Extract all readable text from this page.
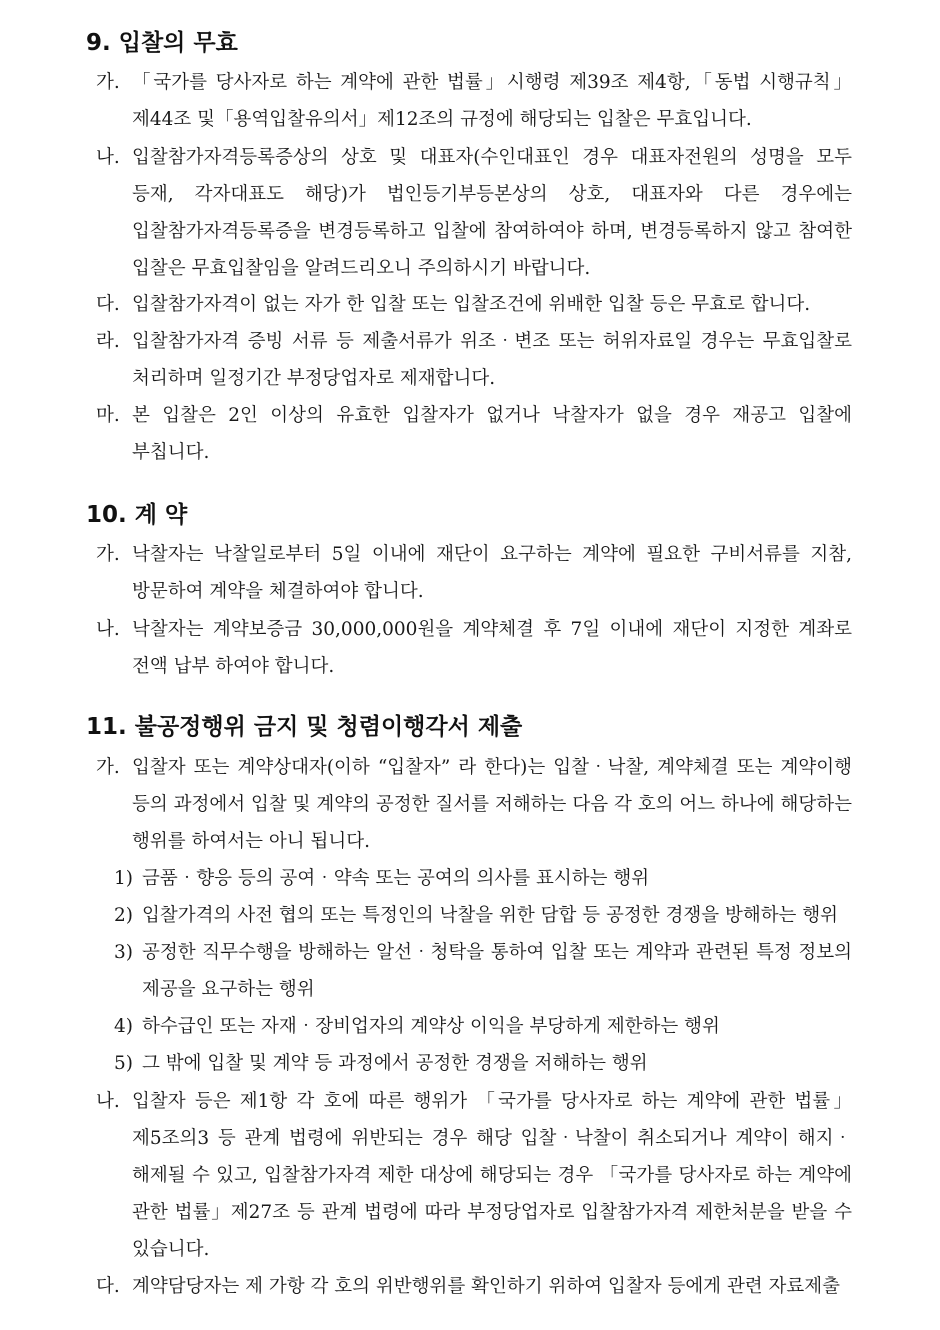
9. 입찰의 무효
가. 「국가를 당사자로 하는 계약에 관한 법률」시행령 제39조 제4항,「동법 시행규칙」제44조 및「용역입찰유의서」제12조의 규정에 해당되는 입찰은 무효입니다.
나. 입찰참가자격등록증상의 상호 및 대표자(수인대표인 경우 대표자전원의 성명을 모두 등재, 각자대표도 해당)가 법인등기부등본상의 상호, 대표자와 다른 경우에는 입찰참가자격등록증을 변경등록하고 입찰에 참여하여야 하며, 변경등록하지 않고 참여한 입찰은 무효입찰임을 알려드리오니 주의하시기 바랍니다.
다. 입찰참가자격이 없는 자가 한 입찰 또는 입찰조건에 위배한 입찰 등은 무효로 합니다.
라. 입찰참가자격 증빙 서류 등 제출서류가 위조‧변조 또는 허위자료일 경우는 무효입찰로 처리하며 일정기간 부정당업자로 제재합니다.
마. 본 입찰은 2인 이상의 유효한 입찰자가 없거나 낙찰자가 없을 경우 재공고 입찰에 부칩니다.
10. 계 약
가. 낙찰자는 낙찰일로부터 5일 이내에 재단이 요구하는 계약에 필요한 구비서류를 지참, 방문하여 계약을 체결하여야 합니다.
나. 낙찰자는 계약보증금 30,000,000원을 계약체결 후 7일 이내에 재단이 지정한 계좌로 전액 납부 하여야 합니다.
11. 불공정행위 금지 및 청렴이행각서 제출
가. 입찰자 또는 계약상대자(이하 “입찰자” 라 한다)는 입찰‧낙찰, 계약체결 또는 계약이행 등의 과정에서 입찰 및 계약의 공정한 질서를 저해하는 다음 각 호의 어느 하나에 해당하는 행위를 하여서는 아니 됩니다.
1) 금품‧향응 등의 공여‧약속 또는 공여의 의사를 표시하는 행위
2) 입찰가격의 사전 협의 또는 특정인의 낙찰을 위한 담합 등 공정한 경쟁을 방해하는 행위
3) 공정한 직무수행을 방해하는 알선‧청탁을 통하여 입찰 또는 계약과 관련된 특정 정보의 제공을 요구하는 행위
4) 하수급인 또는 자재‧장비업자의 계약상 이익을 부당하게 제한하는 행위
5) 그 밖에 입찰 및 계약 등 과정에서 공정한 경쟁을 저해하는 행위
나. 입찰자 등은 제1항 각 호에 따른 행위가 「국가를 당사자로 하는 계약에 관한 법률」제5조의3 등 관계 법령에 위반되는 경우 해당 입찰‧낙찰이 취소되거나 계약이 해지‧해제될 수 있고, 입찰참가자격 제한 대상에 해당되는 경우 「국가를 당사자로 하는 계약에 관한 법률」제27조 등 관계 법령에 따라 부정당업자로 입찰참가자격 제한처분을 받을 수 있습니다.
다. 계약담당자는 제 가항 각 호의 위반행위를 확인하기 위하여 입찰자 등에게 관련 자료제출
